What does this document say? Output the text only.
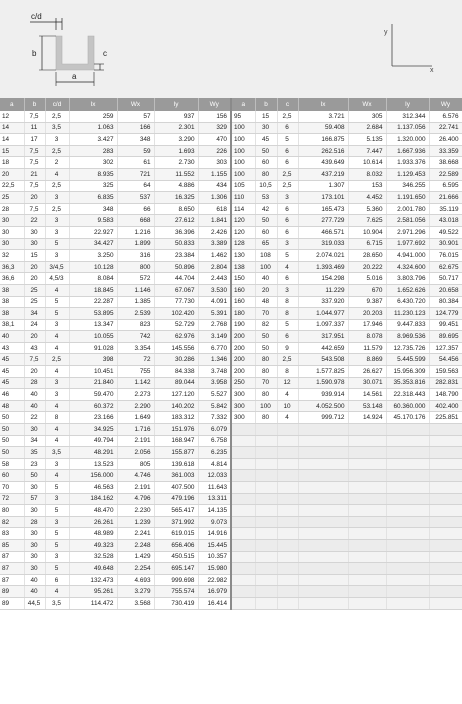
c/d
b	c
a
y
x
a	b	c/d	Ix	Wx	Iy	Wy	a	b	c	Ix	Wx	Iy	Wy
12	7,5	2,5	259	57	937	156	95	15	2,5	3.721	305	312.344	6.576
14	11	3,5	1.063	166	2.301	329	100	30	6	59.408	2.684	1.137.056	22.741
14	17	3	3.427	348	3.290	470	100	45	5	166.875	5.135	1.320.000	26.400
15	7,5	2,5	283	59	1.693	226	100	50	6	262.516	7.447	1.667.936	33.359
18	7,5	2	302	61	2.730	303	100	60	6	439.649	10.614	1.933.376	38.668
20	21	4	8.935	721	11.552	1.155	100	80	2,5	437.219	8.032	1.129.453	22.589
22,5	7,5	2,5	325	64	4.886	434	105	10,5	2,5	1.307	153	346.255	6.595
25	20	3	6.835	537	16.325	1.306	110	53	3	173.101	4.452	1.191.650	21.666
28	7,5	2,5	348	66	8.650	618	114	42	6	165.473	5.360	2.001.780	35.119
30	22	3	9.583	668	27.612	1.841	120	50	6	277.729	7.625	2.581.056	43.018
30	30	3	22.927	1.216	36.396	2.426	120	60	6	466.571	10.904	2.971.296	49.522
30	30	5	34.427	1.899	50.833	3.389	128	65	3	319.033	6.715	1.977.692	30.901
32	15	3	3.250	316	23.384	1.462	130	108	5	2.074.021	28.650	4.941.000	76.015
36,3	20	3/4,5	10.128	800	50.896	2.804	138	100	4	1.393.469	20.222	4.324.600	62.675
36,6	20	4,5/3	8.084	572	44.704	2.443	150	40	6	154.298	5.016	3.803.796	50.717
38	25	4	18.845	1.146	67.067	3.530	160	20	3	11.229	670	1.652.626	20.658
38	25	5	22.287	1.385	77.730	4.091	160	48	8	337.920	9.387	6.430.720	80.384
38	34	5	53.895	2.539	102.420	5.391	180	70	8	1.044.977	20.203	11.230.123	124.779
38,1	24	3	13.347	823	52.729	2.768	190	82	5	1.097.337	17.946	9.447.833	99.451
40	20	4	10.055	742	62.976	3.149	200	50	6	317.951	8.078	8.969.536	89.695
43	43	4	91.028	3.354	145.556	6.770	200	50	9	442.659	11.579	12.735.726	127.357
45	7,5	2,5	398	72	30.286	1.346	200	80	2,5	543.508	8.869	5.445.599	54.456
45	20	4	10.451	755	84.338	3.748	200	80	8	1.577.825	26.627	15.956.309	159.563
45	28	3	21.840	1.142	89.044	3.958	250	70	12	1.590.978	30.071	35.353.816	282.831
46	40	3	59.470	2.273	127.120	5.527	300	80	4	939.914	14.561	22.318.443	148.790
48	40	4	60.372	2.290	140.202	5.842	300	100	10	4.052.500	53.148	60.360.000	402.400
50	22	8	23.166	1.649	183.312	7.332	300	80	4	999.712	14.924	45.170.176	225.851
50	30	4	34.925	1.716	151.976	6.079							
50	34	4	49.794	2.191	168.947	6.758							
50	35	3,5	48.291	2.056	155.877	6.235							
58	23	3	13.523	805	139.618	4.814							
60	50	4	156.000	4.746	361.003	12.033							
70	30	5	46.563	2.191	407.500	11.643							
72	57	3	184.162	4.796	479.196	13.311							
80	30	5	48.470	2.230	565.417	14.135							
82	28	3	26.261	1.239	371.992	9.073							
83	30	5	48.989	2.241	619.015	14.916							
85	30	5	49.323	2.248	656.406	15.445							
87	30	3	32.528	1.429	450.515	10.357							
87	30	5	49.648	2.254	695.147	15.980							
87	40	6	132.473	4.693	999.698	22.982							
89	40	4	95.261	3.279	755.574	16.979							
89	44,5	3,5	114.472	3.568	730.419	16.414							
